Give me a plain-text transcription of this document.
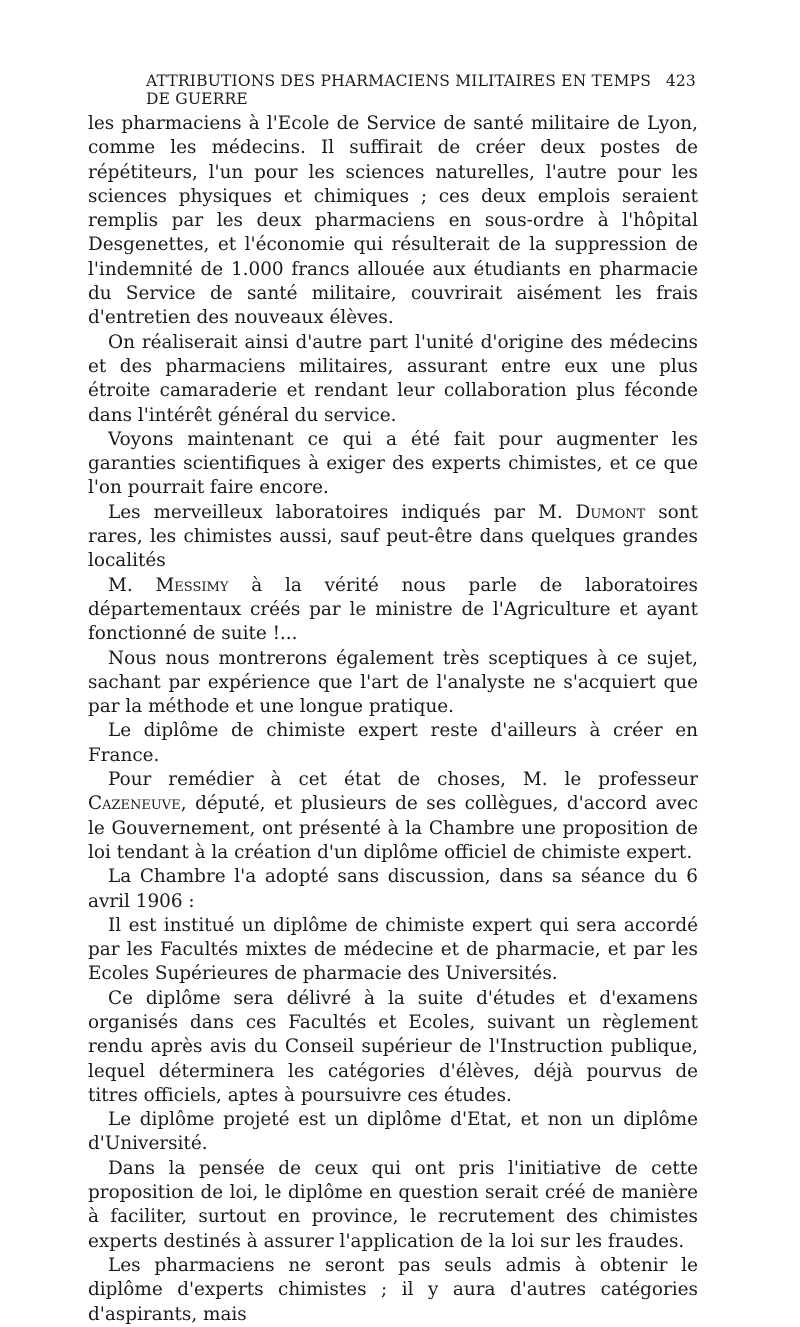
ATTRIBUTIONS DES PHARMACIENS MILITAIRES EN TEMPS DE GUERRE
423

les pharmaciens à l'Ecole de Service de santé militaire de Lyon, comme les médecins. Il suffirait de créer deux postes de répétiteurs, l'un pour les sciences naturelles, l'autre pour les sciences physiques et chimiques ; ces deux emplois seraient remplis par les deux pharmaciens en sous-ordre à l'hôpital Desgenettes, et l'économie qui résulterait de la suppression de l'indemnité de 1.000 francs allouée aux étudiants en pharmacie du Service de santé militaire, couvrirait aisément les frais d'entretien des nouveaux élèves.

On réaliserait ainsi d'autre part l'unité d'origine des médecins et des pharmaciens militaires, assurant entre eux une plus étroite camaraderie et rendant leur collaboration plus féconde dans l'intérêt général du service.

Voyons maintenant ce qui a été fait pour augmenter les garanties scientifiques à exiger des experts chimistes, et ce que l'on pourrait faire encore.

Les merveilleux laboratoires indiqués par M. Dumont sont rares, les chimistes aussi, sauf peut-être dans quelques grandes localités

M. Messimy à la vérité nous parle de laboratoires départementaux créés par le ministre de l'Agriculture et ayant fonctionné de suite !...

Nous nous montrerons également très sceptiques à ce sujet, sachant par expérience que l'art de l'analyste ne s'acquiert que par la méthode et une longue pratique.

Le diplôme de chimiste expert reste d'ailleurs à créer en France.

Pour remédier à cet état de choses, M. le professeur Cazeneuve, député, et plusieurs de ses collègues, d'accord avec le Gouvernement, ont présenté à la Chambre une proposition de loi tendant à la création d'un diplôme officiel de chimiste expert.

La Chambre l'a adopté sans discussion, dans sa séance du 6 avril 1906 :

Il est institué un diplôme de chimiste expert qui sera accordé par les Facultés mixtes de médecine et de pharmacie, et par les Ecoles Supérieures de pharmacie des Universités.

Ce diplôme sera délivré à la suite d'études et d'examens organisés dans ces Facultés et Ecoles, suivant un règlement rendu après avis du Conseil supérieur de l'Instruction publique, lequel déterminera les catégories d'élèves, déjà pourvus de titres officiels, aptes à poursuivre ces études.

Le diplôme projeté est un diplôme d'Etat, et non un diplôme d'Université.

Dans la pensée de ceux qui ont pris l'initiative de cette proposition de loi, le diplôme en question serait créé de manière à faciliter, surtout en province, le recrutement des chimistes experts destinés à assurer l'application de la loi sur les fraudes.

Les pharmaciens ne seront pas seuls admis à obtenir le diplôme d'experts chimistes ; il y aura d'autres catégories d'aspirants, mais
